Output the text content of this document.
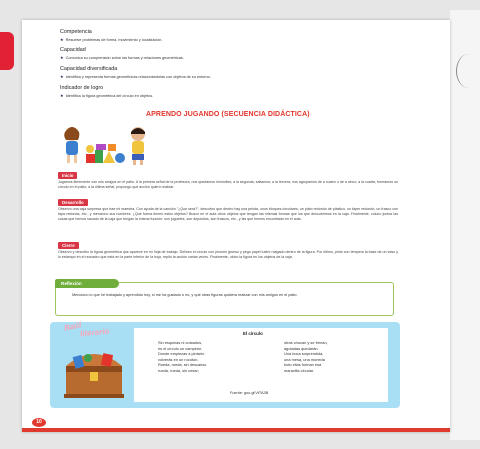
Competencia
★ Resuelve problemas de forma, movimiento y localización.
Capacidad
★ Comunica su comprensión sobre las formas y relaciones geométricas.
Capacidad diversificada
★ Identifica y representa formas geométricas relacionándolas con objetos de su entorno.
Indicador de logro
★ Identifica la figura geométrica del círculo en objetos.
APRENDO JUGANDO (SECUENCIA DIDÁCTICA)
Inicio
Jugamos libremente con mis amigos en el patio. A la primera señal de la profesora, nos quedamos inmóviles; a la segunda, saltamos; a la tercera, nos agrupamos de a cuatro o de a cinco; a la cuarta, formamos un círculo en el patio; a la última señal, propongo qué acción quiero realizar.
Desarrollo
Observo una caja sorpresa que trae mi maestra. Con ayuda de la canción "¿Qué será?", descubro que dentro hay una pelota, unos bloques circulares, un plato redondo de plástico, un táper redondo, un frasco con tapa redonda, etc., y menciono sus nombres. ¿Qué forma tienen estos objetos? Busco en el aula otros objetos que tengan las mismas formas que los que descubrimos en la caja. Finalmente, coloco juntos las cosas que hemos sacado de la caja que tengan la misma función: son juguetes, son depósitos, son frascos, etc., y las que hemos encontrado en el aula.
Cierre
Observo y describo la figura geométrica que aparece en mi hoja de trabajo. Delineo el círculo con plumón grueso y pego papel lustre rasgado dentro de la figura. Por último, pinto con témpera la base de un vaso y lo estampo en el recuadro que está en la parte inferior de la hoja, repito la acción varias veces. Finalmente, ubico la figura en los objetos de la caja.
Reflexión
Menciono lo que he trabajado y aprendido hoy, si me ha gustado o no, y qué otras figuras quisiera realizar con mis amigos en el patio.
Baúl
literario	El círculo
Sin esquinas ni costados,
es el círculo un campeón.
Donde empiezas a pintarlo
volverás en un rucutún.
Rueda, rueda, sin descanso
rueda, rueda, sin cesar;
otras chocan y se frenan,
agotadas quedarán.
Una boca sorprendida,
una mesa, una moneda
todo ellas forman esa
maravilla circular.
Fuente: goo.gl/VtTA3B
10
